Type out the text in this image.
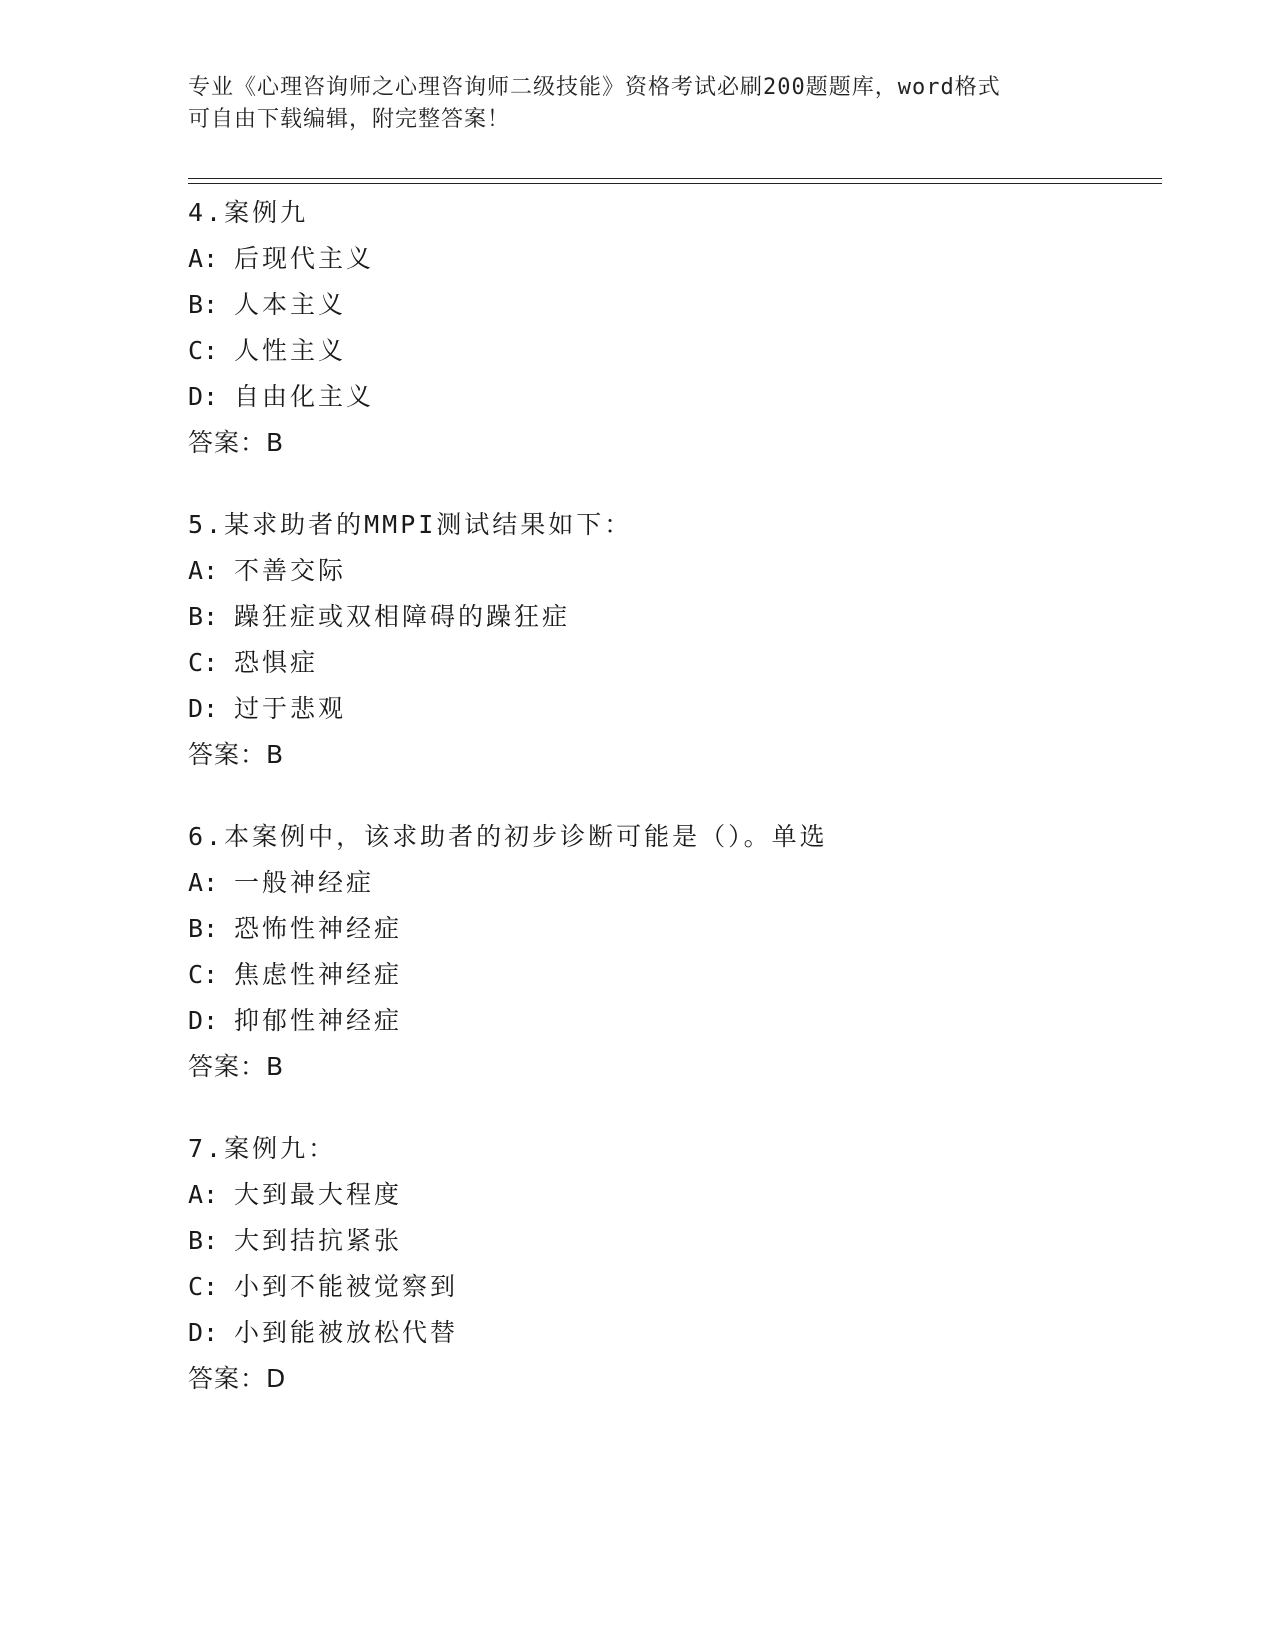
专业《心理咨询师之心理咨询师二级技能》资格考试必刷200题题库，word格式
可自由下载编辑，附完整答案！
4.案例九
A: 后现代主义
B: 人本主义
C: 人性主义
D: 自由化主义
答案：B
5.某求助者的MMPI测试结果如下：
A: 不善交际
B: 躁狂症或双相障碍的躁狂症
C: 恐惧症
D: 过于悲观
答案：B
6.本案例中，该求助者的初步诊断可能是（）。单选
A: 一般神经症
B: 恐怖性神经症
C: 焦虑性神经症
D: 抑郁性神经症
答案：B
7.案例九：
A: 大到最大程度
B: 大到拮抗紧张
C: 小到不能被觉察到
D: 小到能被放松代替
答案：D
